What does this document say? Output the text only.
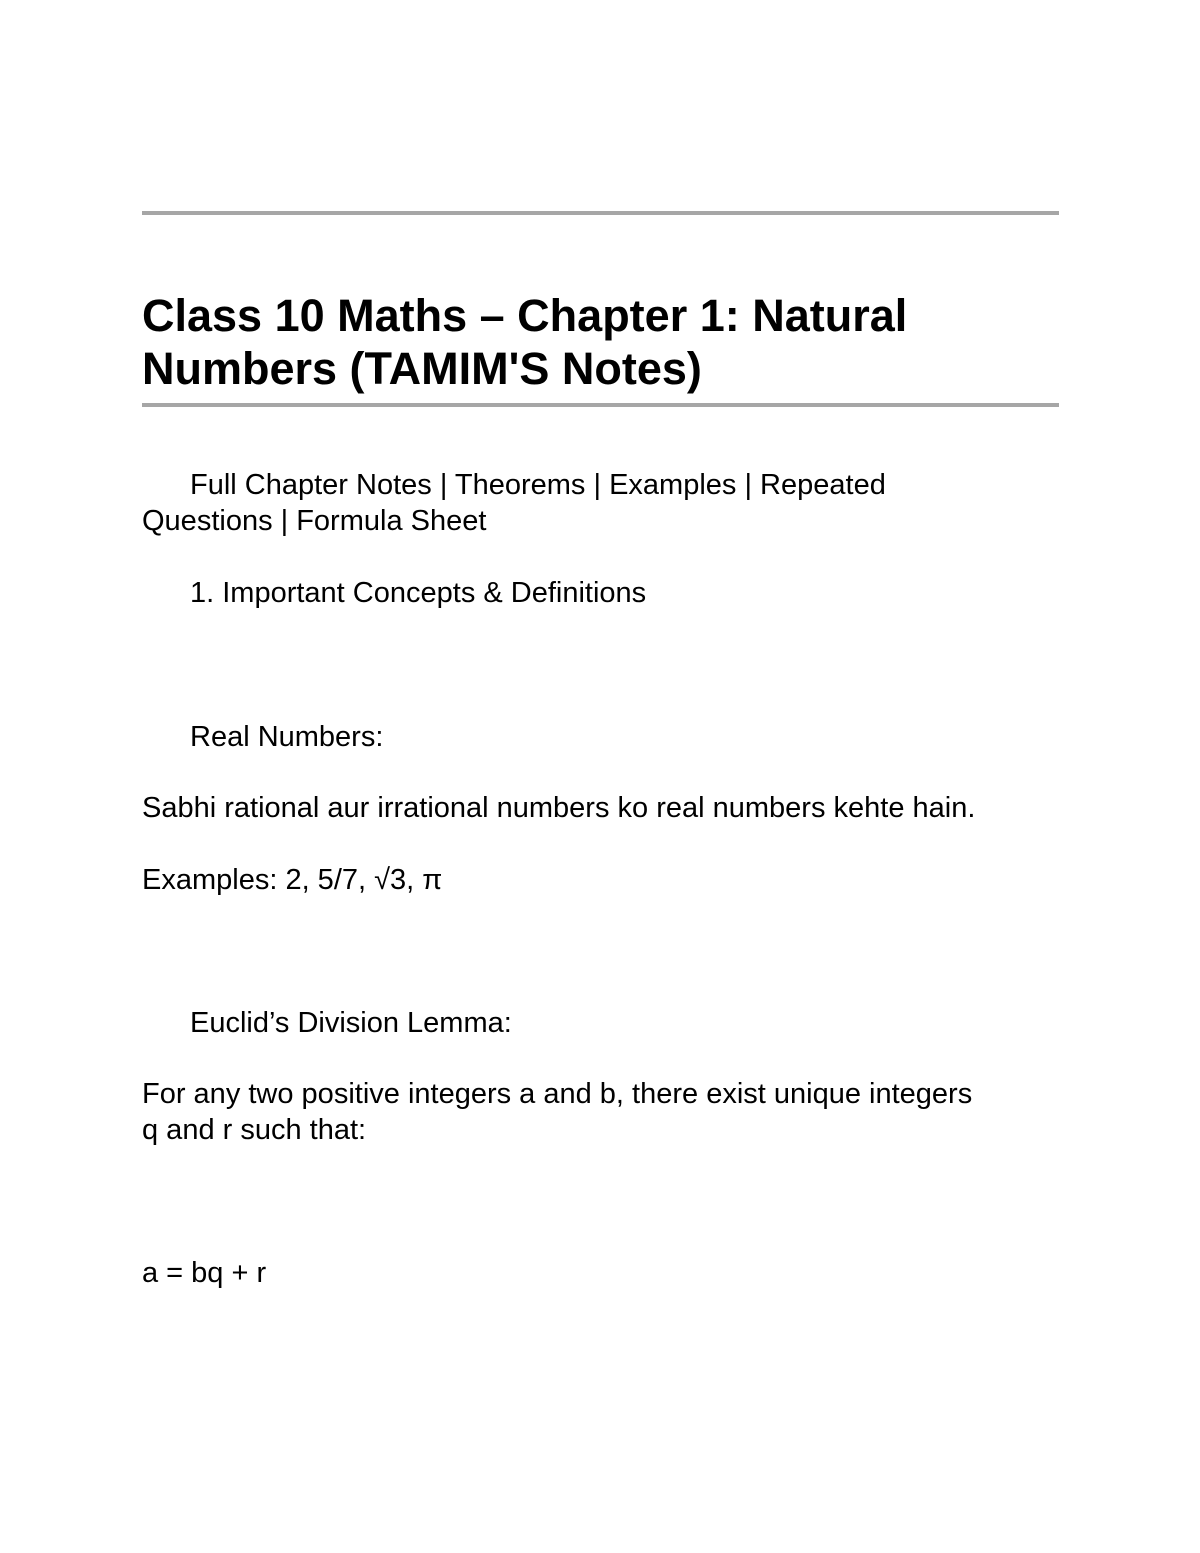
Class 10 Maths – Chapter 1: Natural
Numbers (TAMIM'S Notes)

Full Chapter Notes | Theorems | Examples | Repeated
Questions | Formula Sheet

1. Important Concepts & Definitions

Real Numbers:

Sabhi rational aur irrational numbers ko real numbers kehte hain.

Examples: 2, 5/7, √3, π

Euclid’s Division Lemma:

For any two positive integers a and b, there exist unique integers
q and r such that:

a = bq + r
